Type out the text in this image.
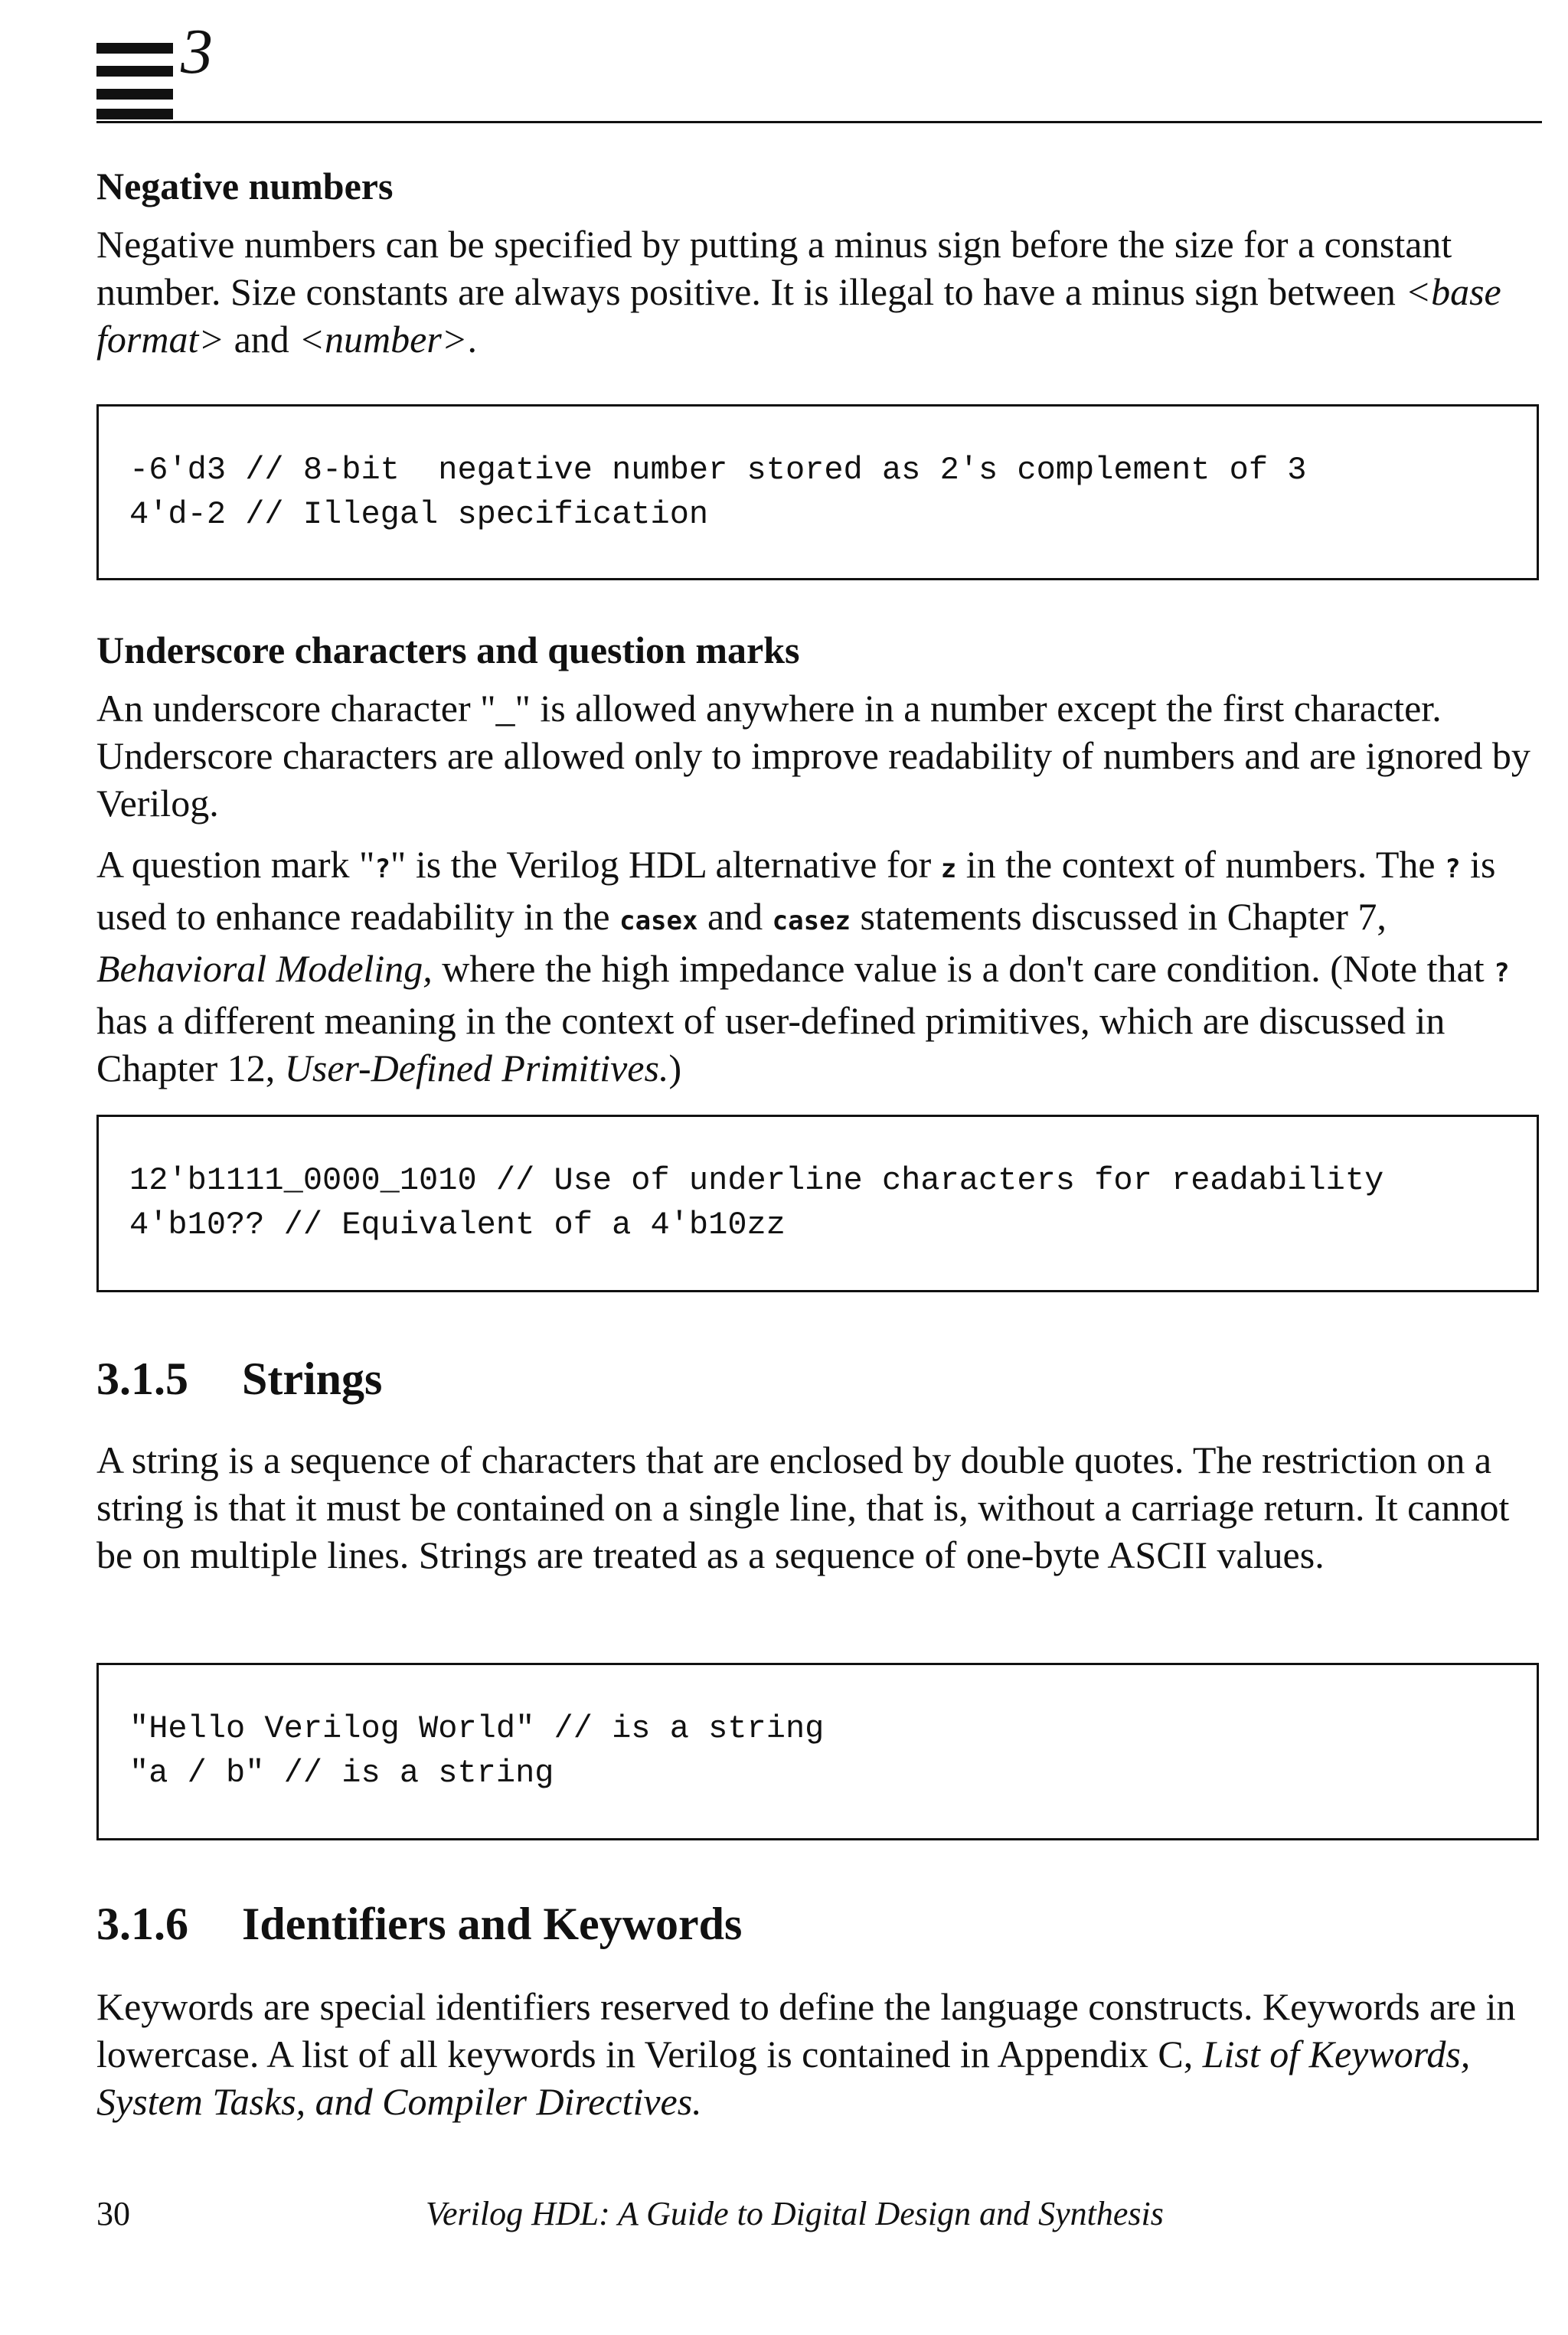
3
Negative numbers

Negative numbers can be specified by putting a minus sign before the size for a constant number. Size constants are always positive. It is illegal to have a minus sign between <base format> and <number>.

-6'd3 // 8-bit  negative number stored as 2's complement of 3
4'd-2 // Illegal specification
Underscore characters and question marks

An underscore character "_" is allowed anywhere in a number except the first character. Underscore characters are allowed only to improve readability of numbers and are ignored by Verilog.

A question mark "?" is the Verilog HDL alternative for z in the context of numbers. The ? is used to enhance readability in the casex and casez statements discussed in Chapter 7, Behavioral Modeling, where the high impedance value is a don't care condition. (Note that ? has a different meaning in the context of user-defined primitives, which are discussed in Chapter 12, User-Defined Primitives.)

12'b1111_0000_1010 // Use of underline characters for readability
4'b10?? // Equivalent of a 4'b10zz
3.1.5 Strings

A string is a sequence of characters that are enclosed by double quotes. The restriction on a string is that it must be contained on a single line, that is, without a carriage return. It cannot be on multiple lines. Strings are treated as a sequence of one-byte ASCII values.

"Hello Verilog World" // is a string
"a / b" // is a string
3.1.6 Identifiers and Keywords

Keywords are special identifiers reserved to define the language constructs. Keywords are in lowercase. A list of all keywords in Verilog is contained in Appendix C, List of Keywords, System Tasks, and Compiler Directives.

30	Verilog HDL: A Guide to Digital Design and Synthesis
